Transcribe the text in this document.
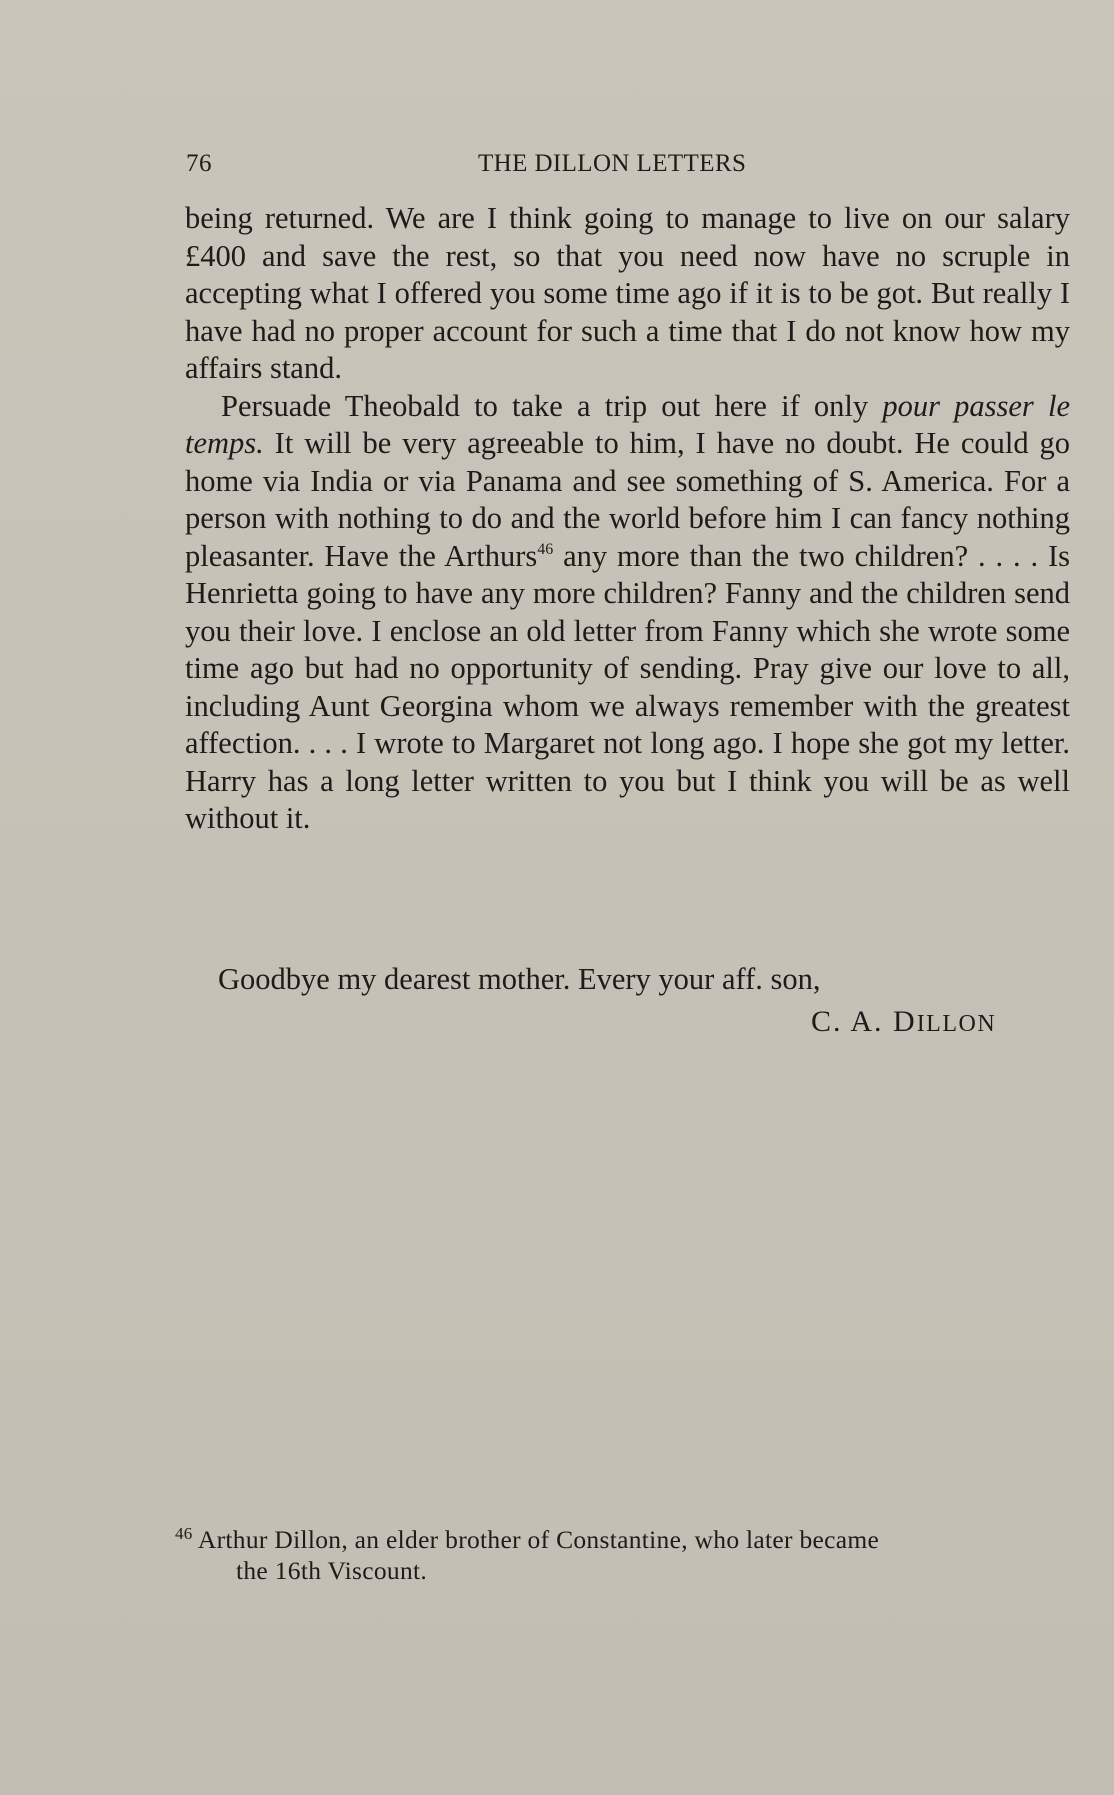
76	THE DILLON LETTERS

being returned. We are I think going to manage to live on our salary £400 and save the rest, so that you need now have no scruple in accepting what I offered you some time ago if it is to be got. But really I have had no proper account for such a time that I do not know how my affairs stand.

Persuade Theobald to take a trip out here if only pour passer le temps. It will be very agreeable to him, I have no doubt. He could go home via India or via Panama and see something of S. America. For a person with nothing to do and the world before him I can fancy nothing pleasanter. Have the Arthurs$^{46}$ any more than the two children? . . . . Is Henrietta going to have any more children? Fanny and the children send you their love. I enclose an old letter from Fanny which she wrote some time ago but had no opportunity of sending. Pray give our love to all, including Aunt Georgina whom we always remember with the greatest affection. . . . I wrote to Margaret not long ago. I hope she got my letter. Harry has a long letter written to you but I think you will be as well without it.

Goodbye my dearest mother. Every your aff. son,
C. A. DILLON
$^{46}$ Arthur Dillon, an elder brother of Constantine, who later became
the 16th Viscount.
